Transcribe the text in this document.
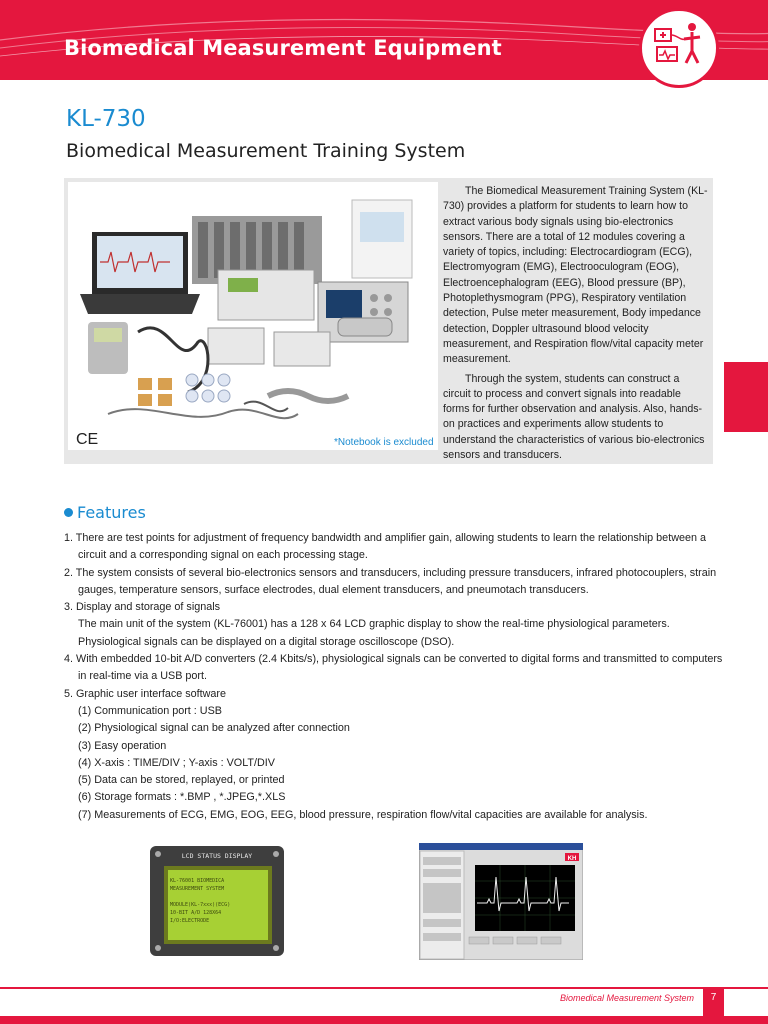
Biomedical Measurement Equipment
KL-730
Biomedical Measurement Training System
CE	*Notebook is excluded

The Biomedical Measurement Training System (KL-730) provides a platform for students to learn how to extract various body signals using bio-electronics sensors. There are a total of 12 modules covering a variety of topics, including: Electrocardiogram (ECG), Electromyogram (EMG), Electrooculogram (EOG), Electroencephalogram (EEG), Blood pressure (BP), Photoplethysmogram (PPG), Respiratory ventilation detection, Pulse meter measurement, Body impedance detection, Doppler ultrasound blood velocity measurement, and Respiration flow/vital capacity meter measurement.

Through the system, students can construct a circuit to process and convert signals into readable forms for further observation and analysis. Also, hands-on practices and experiments allow students to understand the characteristics of various bio-electronics sensors and transducers.

Features
1. There are test points for adjustment of frequency bandwidth and amplifier gain, allowing students to learn the relationship between a circuit and a corresponding signal on each processing stage.
2. The system consists of several bio-electronics sensors and transducers, including pressure transducers, infrared photocouplers, strain gauges, temperature sensors, surface electrodes, dual element transducers, and pneumotach transducers.
3. Display and storage of signals
The main unit of the system (KL-76001) has a 128 x 64 LCD graphic display to show the real-time physiological parameters.
Physiological signals can be displayed on a digital storage oscilloscope (DSO).
4. With embedded 10-bit A/D converters (2.4 Kbits/s), physiological signals can be converted to digital forms and transmitted to computers in real-time via a USB port.
5. Graphic user interface software
(1) Communication port : USB
(2) Physiological signal can be analyzed after connection
(3) Easy operation
(4) X-axis : TIME/DIV ; Y-axis : VOLT/DIV
(5) Data can be stored, replayed, or printed
(6) Storage formats : *.BMP , *.JPEG,*.XLS
(7) Measurements of ECG, EMG, EOG, EEG, blood pressure, respiration flow/vital capacities are available for analysis.
LCD STATUS DISPLAY
KL-76001 BIOMEDICA
MEASUREMENT SYSTEM
MODULE(KL-7xxx)(ECG)
10-BIT A/D 128X64
I/O:ELECTRODE
KH
Biomedical Measurement System	7
